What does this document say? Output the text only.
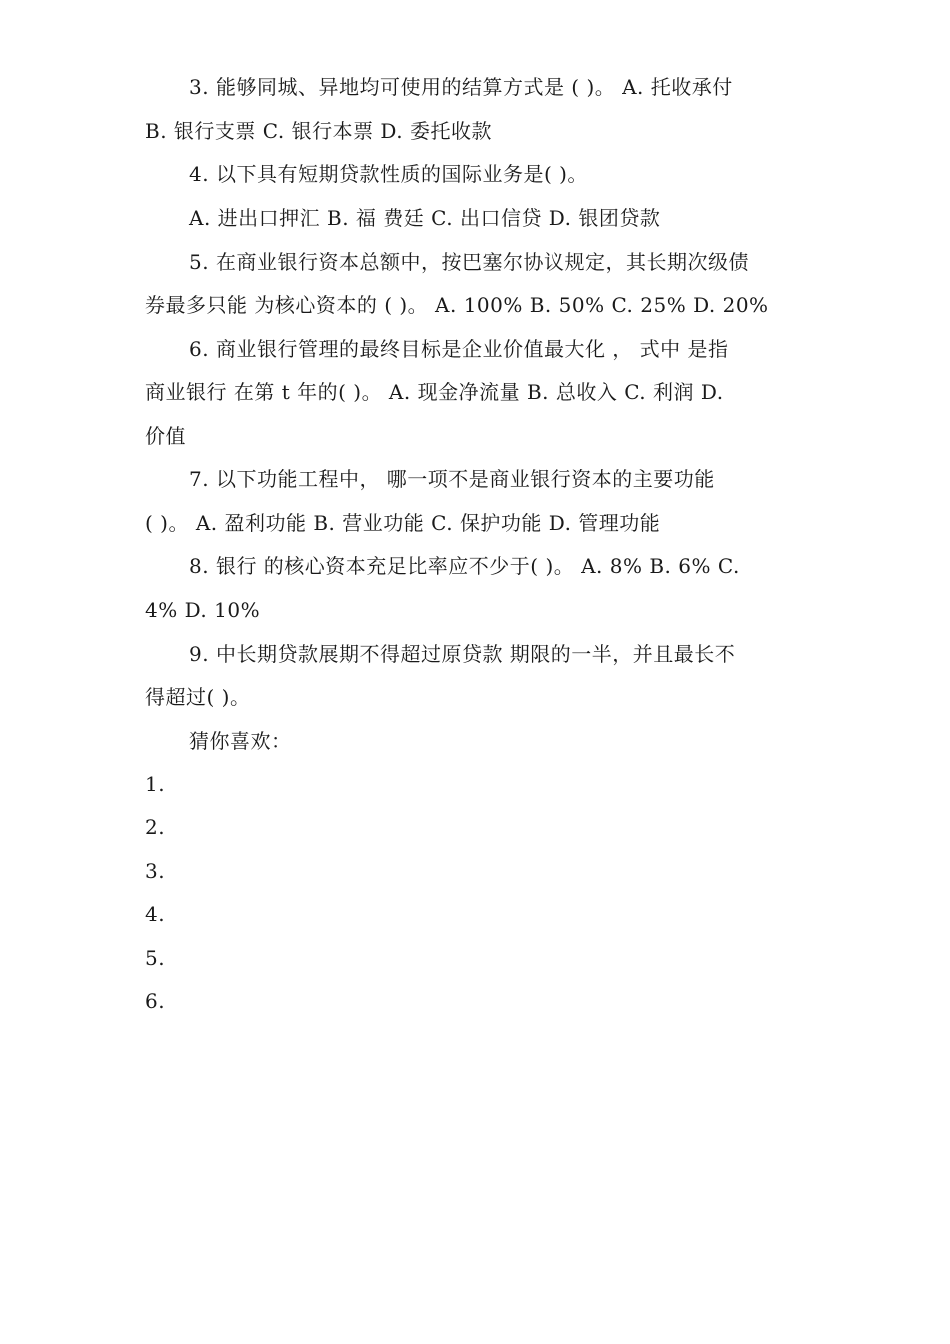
3. 能够同城、异地均可使用的结算方式是 ( )。 A. 托收承付
B. 银行支票 C. 银行本票 D. 委托收款
4. 以下具有短期贷款性质的国际业务是( )。
A. 进出口押汇 B. 福 费廷 C. 出口信贷 D. 银团贷款
5. 在商业银行资本总额中，按巴塞尔协议规定，其长期次级债
券最多只能 为核心资本的 ( )。 A. 100% B. 50% C. 25% D. 20%
6. 商业银行管理的最终目标是企业价值最大化 ， 式中 是指
商业银行 在第 t 年的( )。 A. 现金净流量 B. 总收入 C. 利润 D.
价值
7. 以下功能工程中， 哪一项不是商业银行资本的主要功能
( )。 A. 盈利功能 B. 营业功能 C. 保护功能 D. 管理功能
8. 银行 的核心资本充足比率应不少于( )。 A. 8% B. 6% C.
4% D. 10%
9. 中长期贷款展期不得超过原贷款 期限的一半，并且最长不
得超过( )。
猜你喜欢：
1.
2.
3.
4.
5.
6.
